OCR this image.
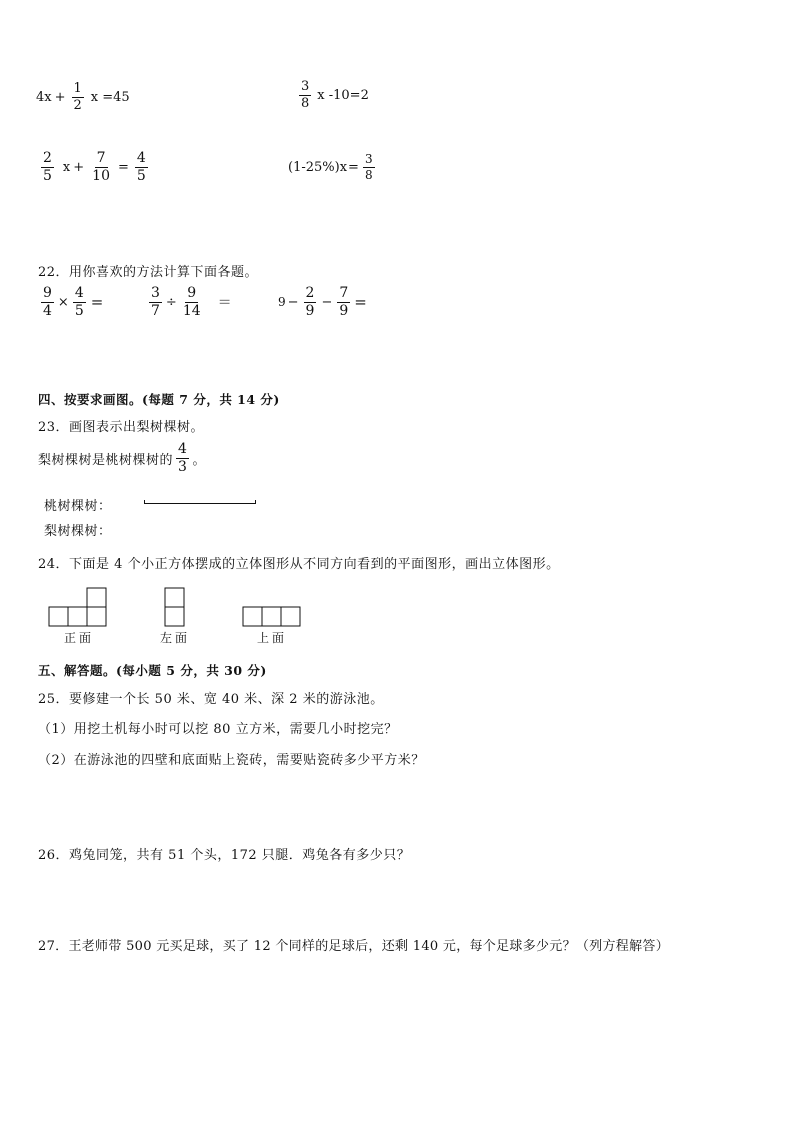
$4x + \frac{1}{2}$ x =45	$\frac{3}{8}$ x -10=2
$\frac{2}{5}$ $x + \frac{7}{10} = \frac{4}{5}$	$(1-25\%)x = \frac{3}{8}$
22．用你喜欢的方法计算下面各题。
$\frac{9}{4} \times \frac{4}{5}$ =	$\frac{3}{7} \div \frac{9}{14}$ ＝	$9 - \frac{2}{9} - \frac{7}{9}$ =
四、按要求画图。(每题 7 分，共 14 分)
23．画图表示出梨树棵树。
梨树棵树是桃树棵树的 $\frac{4}{3}$ 。
桃树棵树：
梨树棵树：
24．下面是 4 个小正方体摆成的立体图形从不同方向看到的平面图形，画出立体图形。
正面	左面	上面
五、解答题。(每小题 5 分，共 30 分)
25．要修建一个长 50 米、宽 40 米、深 2 米的游泳池。
（1）用挖土机每小时可以挖 80 立方米，需要几小时挖完？
（2）在游泳池的四壁和底面贴上瓷砖，需要贴瓷砖多少平方米？
26．鸡兔同笼，共有 51 个头，172 只腿．鸡兔各有多少只？
27．王老师带 500 元买足球，买了 12 个同样的足球后，还剩 140 元，每个足球多少元？（列方程解答）
